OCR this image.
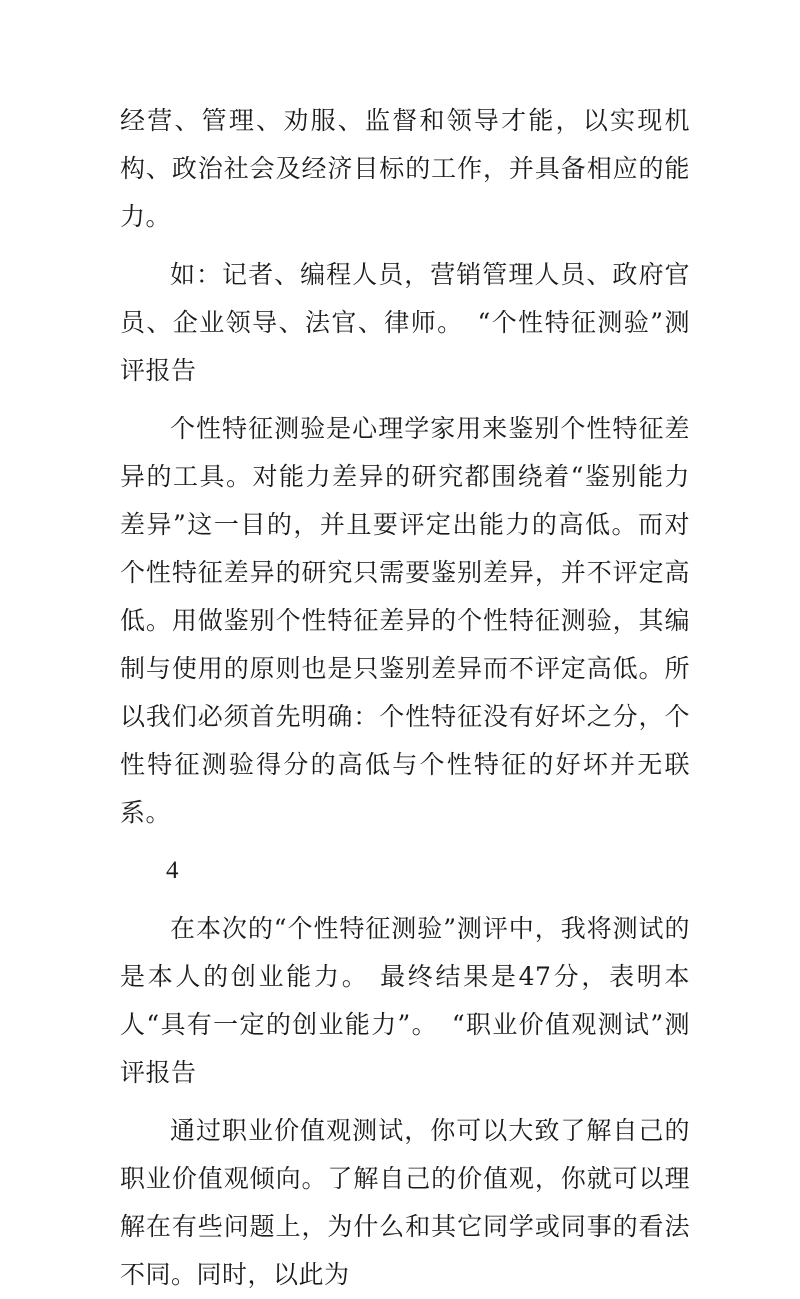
经营、管理、劝服、监督和领导才能，以实现机构、政治社会及经济目标的工作，并具备相应的能力。

如：记者、编程人员，营销管理人员、政府官员、企业领导、法官、律师。　“个性特征测验”测评报告

个性特征测验是心理学家用来鉴别个性特征差异的工具。对能力差异的研究都围绕着“鉴别能力差异”这一目的，并且要评定出能力的高低。而对个性特征差异的研究只需要鉴别差异，并不评定高低。用做鉴别个性特征差异的个性特征测验，其编制与使用的原则也是只鉴别差异而不评定高低。所以我们必须首先明确：个性特征没有好坏之分，个性特征测验得分的高低与个性特征的好坏并无联系。

4

在本次的“个性特征测验”测评中，我将测试的是本人的创业能力。 最终结果是47分，表明本人“具有一定的创业能力”。　“职业价值观测试”测评报告

通过职业价值观测试，你可以大致了解自己的职业价值观倾向。了解自己的价值观，你就可以理解在有些问题上，为什么和其它同学或同事的看法不同。同时，以此为
